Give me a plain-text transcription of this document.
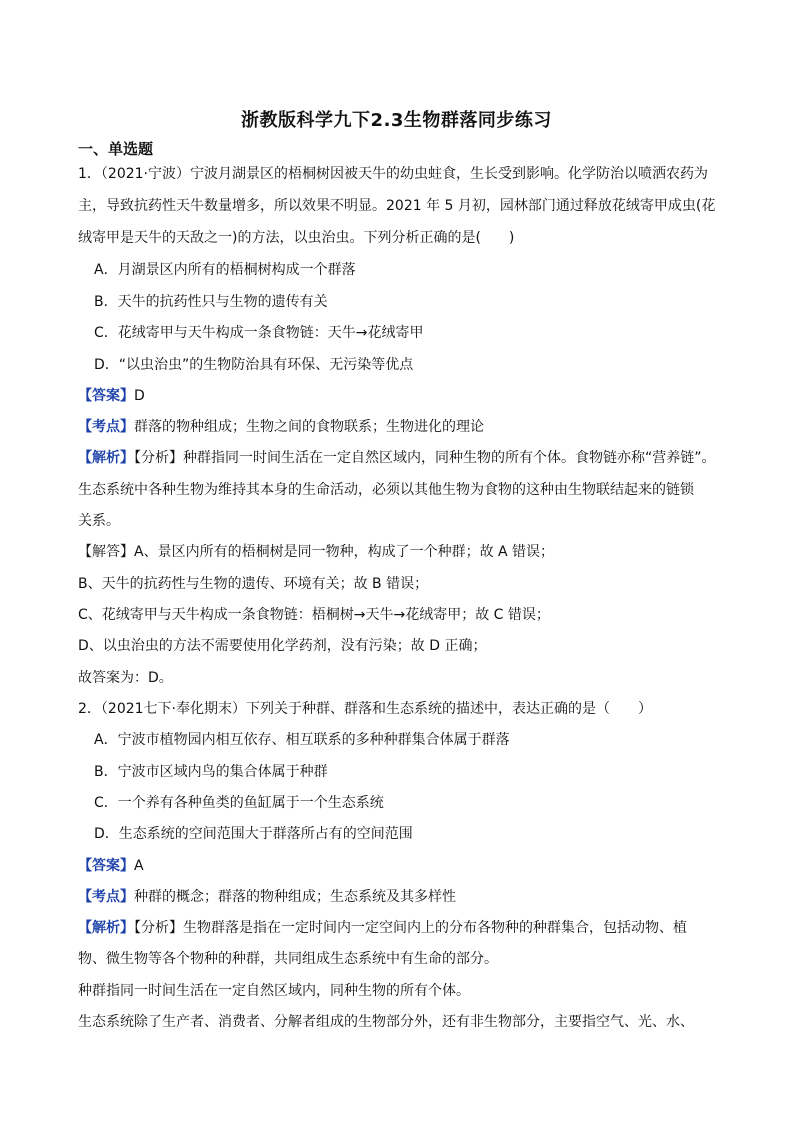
浙教版科学九下2.3生物群落同步练习
一、单选题
1．（2021·宁波）宁波月湖景区的梧桐树因被天牛的幼虫蛀食，生长受到影响。化学防治以喷洒农药为
主，导致抗药性天牛数量增多，所以效果不明显。2021 年 5 月初，园林部门通过释放花绒寄甲成虫(花
绒寄甲是天牛的天敌之一)的方法，以虫治虫。下列分析正确的是(　　)
A．月湖景区内所有的梧桐树构成一个群落
B．天牛的抗药性只与生物的遗传有关
C．花绒寄甲与天牛构成一条食物链：天牛→花绒寄甲
D．“以虫治虫”的生物防治具有环保、无污染等优点
【答案】D
【考点】群落的物种组成；生物之间的食物联系；生物进化的理论
【解析】【分析】种群指同一时间生活在一定自然区域内，同种生物的所有个体。食物链亦称“营养链”。
生态系统中各种生物为维持其本身的生命活动，必须以其他生物为食物的这种由生物联结起来的链锁
关系。
【解答】A、景区内所有的梧桐树是同一物种，构成了一个种群；故 A 错误；
B、天牛的抗药性与生物的遗传、环境有关；故 B 错误；
C、花绒寄甲与天牛构成一条食物链：梧桐树→天牛→花绒寄甲；故 C 错误；
D、以虫治虫的方法不需要使用化学药剂，没有污染；故 D 正确；
故答案为：D。
2．（2021七下·奉化期末）下列关于种群、群落和生态系统的描述中，表达正确的是（　　）
A．宁波市植物园内相互依存、相互联系的多种种群集合体属于群落
B．宁波市区域内鸟的集合体属于种群
C．一个养有各种鱼类的鱼缸属于一个生态系统
D．生态系统的空间范围大于群落所占有的空间范围
【答案】A
【考点】种群的概念；群落的物种组成；生态系统及其多样性
【解析】【分析】生物群落是指在一定时间内一定空间内上的分布各物种的种群集合，包括动物、植
物、微生物等各个物种的种群，共同组成生态系统中有生命的部分。
种群指同一时间生活在一定自然区域内，同种生物的所有个体。
生态系统除了生产者、消费者、分解者组成的生物部分外，还有非生物部分，主要指空气、光、水、
